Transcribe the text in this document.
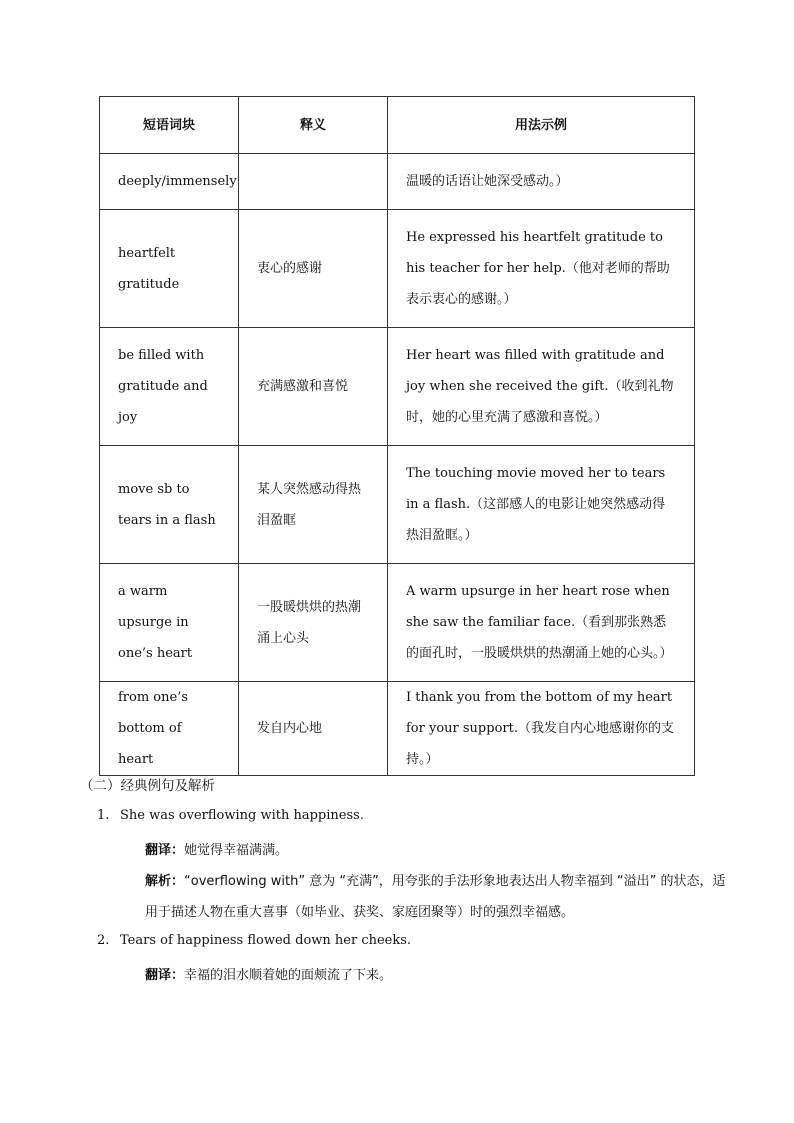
短语词块	释义	用法示例
deeply/immensely		温暖的话语让她深受感动。）
heartfelt gratitude	衷心的感谢	He expressed his heartfelt gratitude to his teacher for her help.（他对老师的帮助表示衷心的感谢。）
be filled with gratitude and joy	充满感激和喜悦	Her heart was filled with gratitude and joy when she received the gift.（收到礼物时，她的心里充满了感激和喜悦。）
move sb to tears in a flash	某人突然感动得热泪盈眶	The touching movie moved her to tears in a flash.（这部感人的电影让她突然感动得热泪盈眶。）
a warm upsurge in one’s heart	一股暖烘烘的热潮涌上心头	A warm upsurge in her heart rose when she saw the familiar face.（看到那张熟悉的面孔时，一股暖烘烘的热潮涌上她的心头。）
from one’s bottom of heart	发自内心地	I thank you from the bottom of my heart for your support.（我发自内心地感谢你的支持。）
（二）经典例句及解析
1. She was overflowing with happiness.
翻译：她觉得幸福满满。
解析：“overflowing with” 意为 “充满”，用夸张的手法形象地表达出人物幸福到 “溢出” 的状态，适用于描述人物在重大喜事（如毕业、获奖、家庭团聚等）时的强烈幸福感。
2. Tears of happiness flowed down her cheeks.
翻译：幸福的泪水顺着她的面颊流了下来。
